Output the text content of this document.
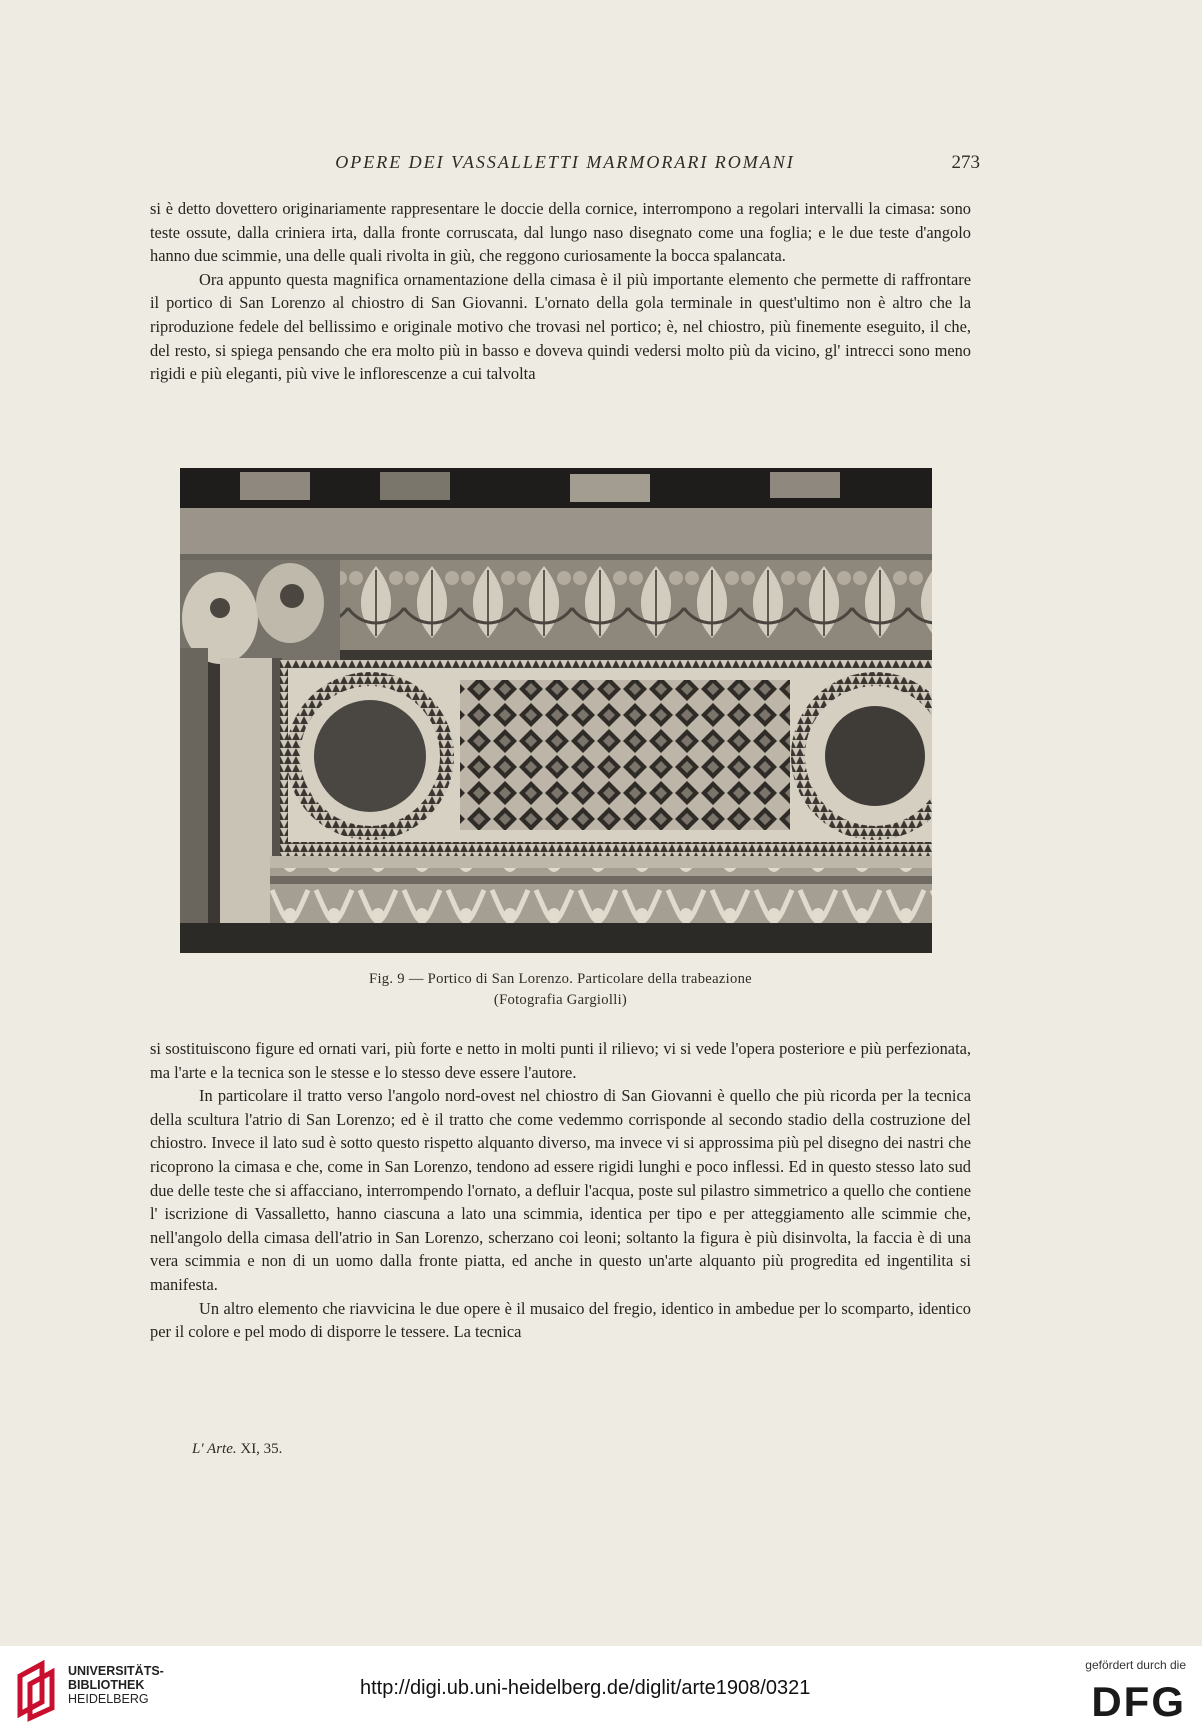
OPERE DEI VASSALLETTI MARMORARI ROMANI	273

si è detto dovettero originariamente rappresentare le doccie della cornice, interrompono a regolari intervalli la cimasa: sono teste ossute, dalla criniera irta, dalla fronte corruscata, dal lungo naso disegnato come una foglia; e le due teste d'angolo hanno due scimmie, una delle quali rivolta in giù, che reggono curiosamente la bocca spalancata.

Ora appunto questa magnifica ornamentazione della cimasa è il più importante elemento che permette di raffrontare il portico di San Lorenzo al chiostro di San Giovanni. L'ornato della gola terminale in quest'ultimo non è altro che la riproduzione fedele del bellissimo e originale motivo che trovasi nel portico; è, nel chiostro, più finemente eseguito, il che, del resto, si spiega pensando che era molto più in basso e doveva quindi vedersi molto più da vicino, gl' intrecci sono meno rigidi e più eleganti, più vive le inflorescenze a cui talvolta

Fig. 9 — Portico di San Lorenzo. Particolare della trabeazione
(Fotografia Gargiolli)

si sostituiscono figure ed ornati vari, più forte e netto in molti punti il rilievo; vi si vede l'opera posteriore e più perfezionata, ma l'arte e la tecnica son le stesse e lo stesso deve essere l'autore.

In particolare il tratto verso l'angolo nord-ovest nel chiostro di San Giovanni è quello che più ricorda per la tecnica della scultura l'atrio di San Lorenzo; ed è il tratto che come vedemmo corrisponde al secondo stadio della costruzione del chiostro. Invece il lato sud è sotto questo rispetto alquanto diverso, ma invece vi si approssima più pel disegno dei nastri che ricoprono la cimasa e che, come in San Lorenzo, tendono ad essere rigidi lunghi e poco inflessi. Ed in questo stesso lato sud due delle teste che si affacciano, interrompendo l'ornato, a defluir l'acqua, poste sul pilastro simmetrico a quello che contiene l' iscrizione di Vassalletto, hanno ciascuna a lato una scimmia, identica per tipo e per atteggiamento alle scimmie che, nell'angolo della cimasa dell'atrio in San Lorenzo, scherzano coi leoni; soltanto la figura è più disinvolta, la faccia è di una vera scimmia e non di un uomo dalla fronte piatta, ed anche in questo un'arte alquanto più progredita ed ingentilita si manifesta.

Un altro elemento che riavvicina le due opere è il musaico del fregio, identico in ambedue per lo scomparto, identico per il colore e pel modo di disporre le tessere. La tecnica

L' Arte. XI, 35.
UNIVERSITÄTS-
BIBLIOTHEK
HEIDELBERG	http://digi.ub.uni-heidelberg.de/diglit/arte1908/0321
gefördert durch die
DFG
